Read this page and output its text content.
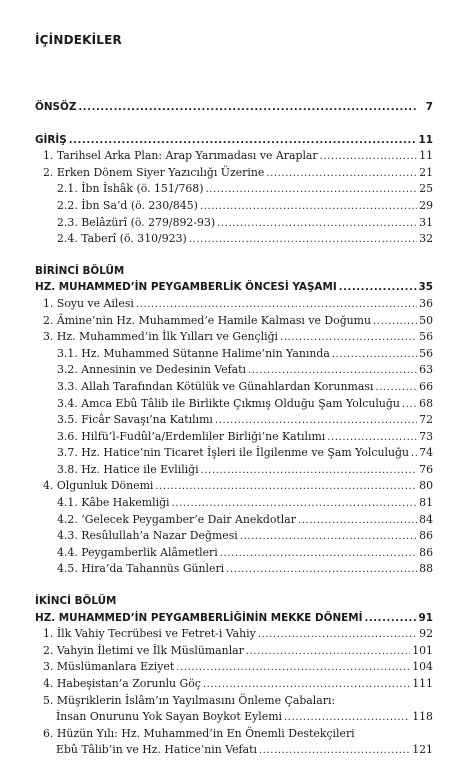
İÇİNDEKİLER
ÖNSÖZ .....	7
GİRİŞ .....	11
1. Tarihsel Arka Plan: Arap Yarımadası ve Araplar .....	11
2. Erken Dönem Siyer Yazıcılığı Üzerine .....	21
2.1. İbn İshâk (ö. 151/768) .....	25
2.2. İbn Sa’d (ö. 230/845) .....	29
2.3. Belâzürî (ö. 279/892-93) .....	31
2.4. Taberî (ö. 310/923) .....	32
BİRİNCİ BÖLÜM
HZ. MUHAMMED’İN PEYGAMBERLİK ÖNCESİ YAŞAMI .....	35
1. Soyu ve Ailesi .....	36
2. Âmine’nin Hz. Muhammed’e Hamile Kalması ve Doğumu .....	50
3. Hz. Muhammed’in İlk Yılları ve Gençliği .....	56
3.1. Hz. Muhammed Sütanne Halime’nin Yanında .....	56
3.2. Annesinin ve Dedesinin Vefatı .....	63
3.3. Allah Tarafından Kötülük ve Günahlardan Korunması .....	66
3.4. Amca Ebû Tâlib ile Birlikte Çıkmış Olduğu Şam Yolculuğu ..... 68
3.5. Ficâr Savaşı’na Katılımı .....	72
3.6. Hilfü’l-Fudûl’a/Erdemliler Birliği’ne Katılımı .....	73
3.7. Hz. Hatice’nin Ticaret İşleri ile İlgilenme ve Şam Yolculuğu ..... 74
3.8. Hz. Hatice ile Evliliği .....	76
4. Olgunluk Dönemi .....	80
4.1. Kâbe Hakemliği .....	81
4.2. ‘Gelecek Peygamber’e Dair Anekdotlar .....	84
4.3. Resûlullah’a Nazar Değmesi .....	86
4.4. Peygamberlik Alâmetleri .....	86
4.5. Hira’da Tahannüs Günleri .....	88
İKİNCİ BÖLÜM
HZ. MUHAMMED’İN PEYGAMBERLİĞİNİN MEKKE DÖNEMİ .....	91
1. İlk Vahiy Tecrübesi ve Fetret-i Vahiy .....	92
2. Vahyin İletimi ve İlk Müslümanlar .....	101
3. Müslümanlara Eziyet .....	104
4. Habeşistan’a Zorunlu Göç .....	111
5. Müşriklerin İslâm’ın Yayılmasını Önleme Çabaları:
İnsan Onurunu Yok Sayan Boykot Eylemi .....	118
6. Hüzün Yılı: Hz. Muhammed’in En Önemli Destekçileri
Ebû Tâlib’in ve Hz. Hatice’nin Vefatı .....	121
